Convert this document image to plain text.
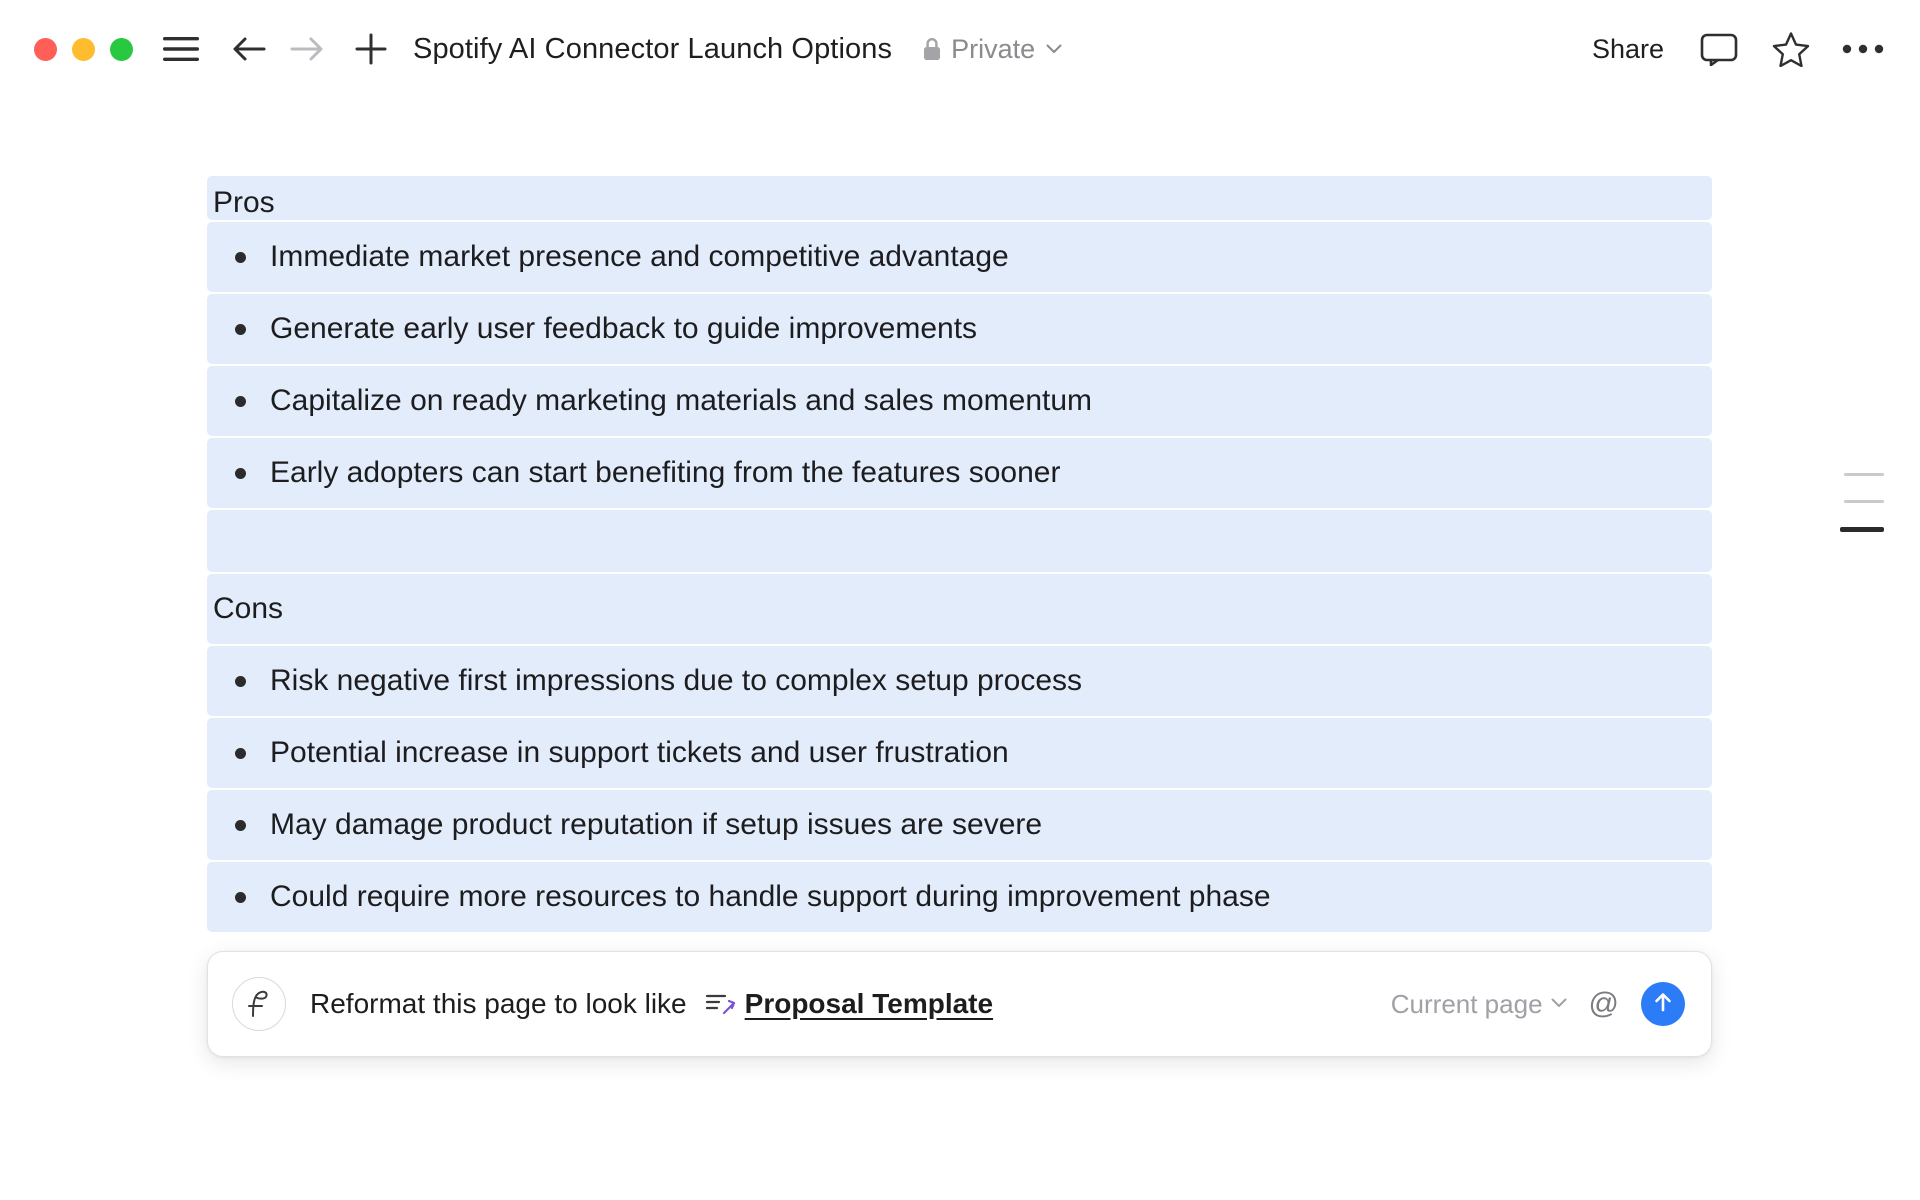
Spotify AI Connector Launch Options Private	Share
Pros
Immediate market presence and competitive advantage
Generate early user feedback to guide improvements
Capitalize on ready marketing materials and sales momentum
Early adopters can start benefiting from the features sooner
Cons
Risk negative first impressions due to complex setup process
Potential increase in support tickets and user frustration
May damage product reputation if setup issues are severe
Could require more resources to handle support during improvement phase
Reformat this page to look like Proposal Template	Current page @
